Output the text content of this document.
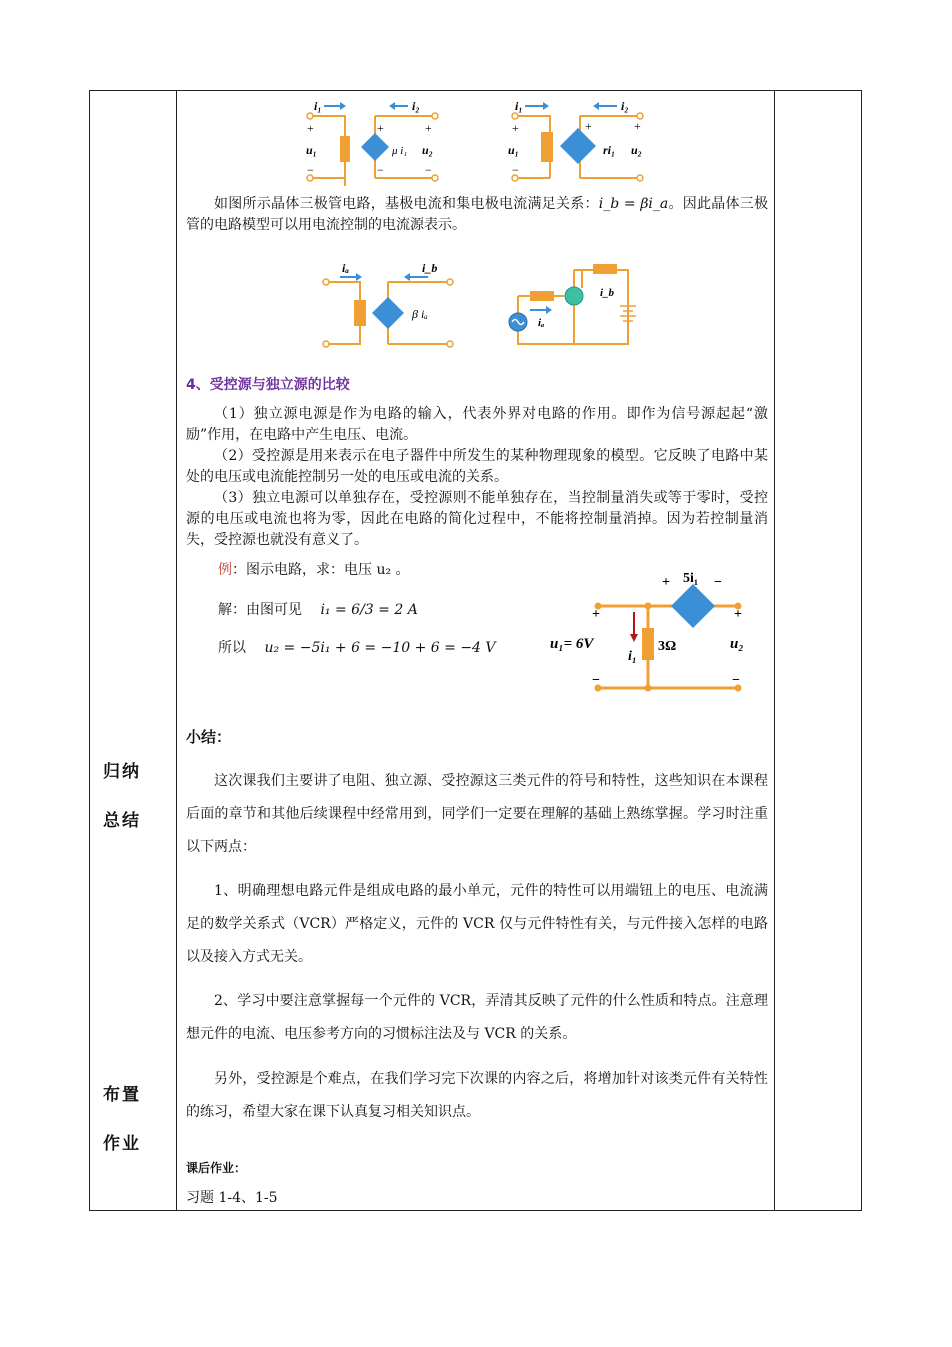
归纳
总结
布置
作业
i₁	i₂
+	+	+
u₁	μ i₁ u₂
−	−	−
i₁	i₂
+	+	+
u₁	ri₁ u₂
−
如图所示晶体三极管电路，基极电流和集电极电流满足关系：i_b = βi_a。因此晶体三极管的电路模型可以用电流控制的电流源表示。
iₐ	i_b
β iₐ
i_b
iₐ
4、受控源与独立源的比较
（1）独立源电源是作为电路的输入，代表外界对电路的作用。即作为信号源起起“激励”作用，在电路中产生电压、电流。
（2）受控源是用来表示在电子器件中所发生的某种物理现象的模型。它反映了电路中某处的电压或电流能控制另一处的电压或电流的关系。
（3）独立电源可以单独存在，受控源则不能单独存在，当控制量消失或等于零时，受控源的电压或电流也将为零，因此在电路的简化过程中，不能将控制量消掉。因为若控制量消失，受控源也就没有意义了。
例：图示电路，求：电压 u₂ 。
解：由图可见 i₁ = 6/3 = 2 A
所以 u₂ = −5i₁ + 6 = −10 + 6 = −4 V
+ 5i₁ −
+	+
u₁= 6V
i₁
3Ω	u₂
−	−
小结：
这次课我们主要讲了电阻、独立源、受控源这三类元件的符号和特性，这些知识在本课程后面的章节和其他后续课程中经常用到，同学们一定要在理解的基础上熟练掌握。学习时注重以下两点：
1、明确理想电路元件是组成电路的最小单元，元件的特性可以用端钮上的电压、电流满足的数学关系式（VCR）严格定义，元件的 VCR 仅与元件特性有关，与元件接入怎样的电路以及接入方式无关。
2、学习中要注意掌握每一个元件的 VCR，弄清其反映了元件的什么性质和特点。注意理想元件的电流、电压参考方向的习惯标注法及与 VCR 的关系。
另外，受控源是个难点，在我们学习完下次课的内容之后，将增加针对该类元件有关特性的练习，希望大家在课下认真复习相关知识点。
课后作业：
习题 1-4、1-5
